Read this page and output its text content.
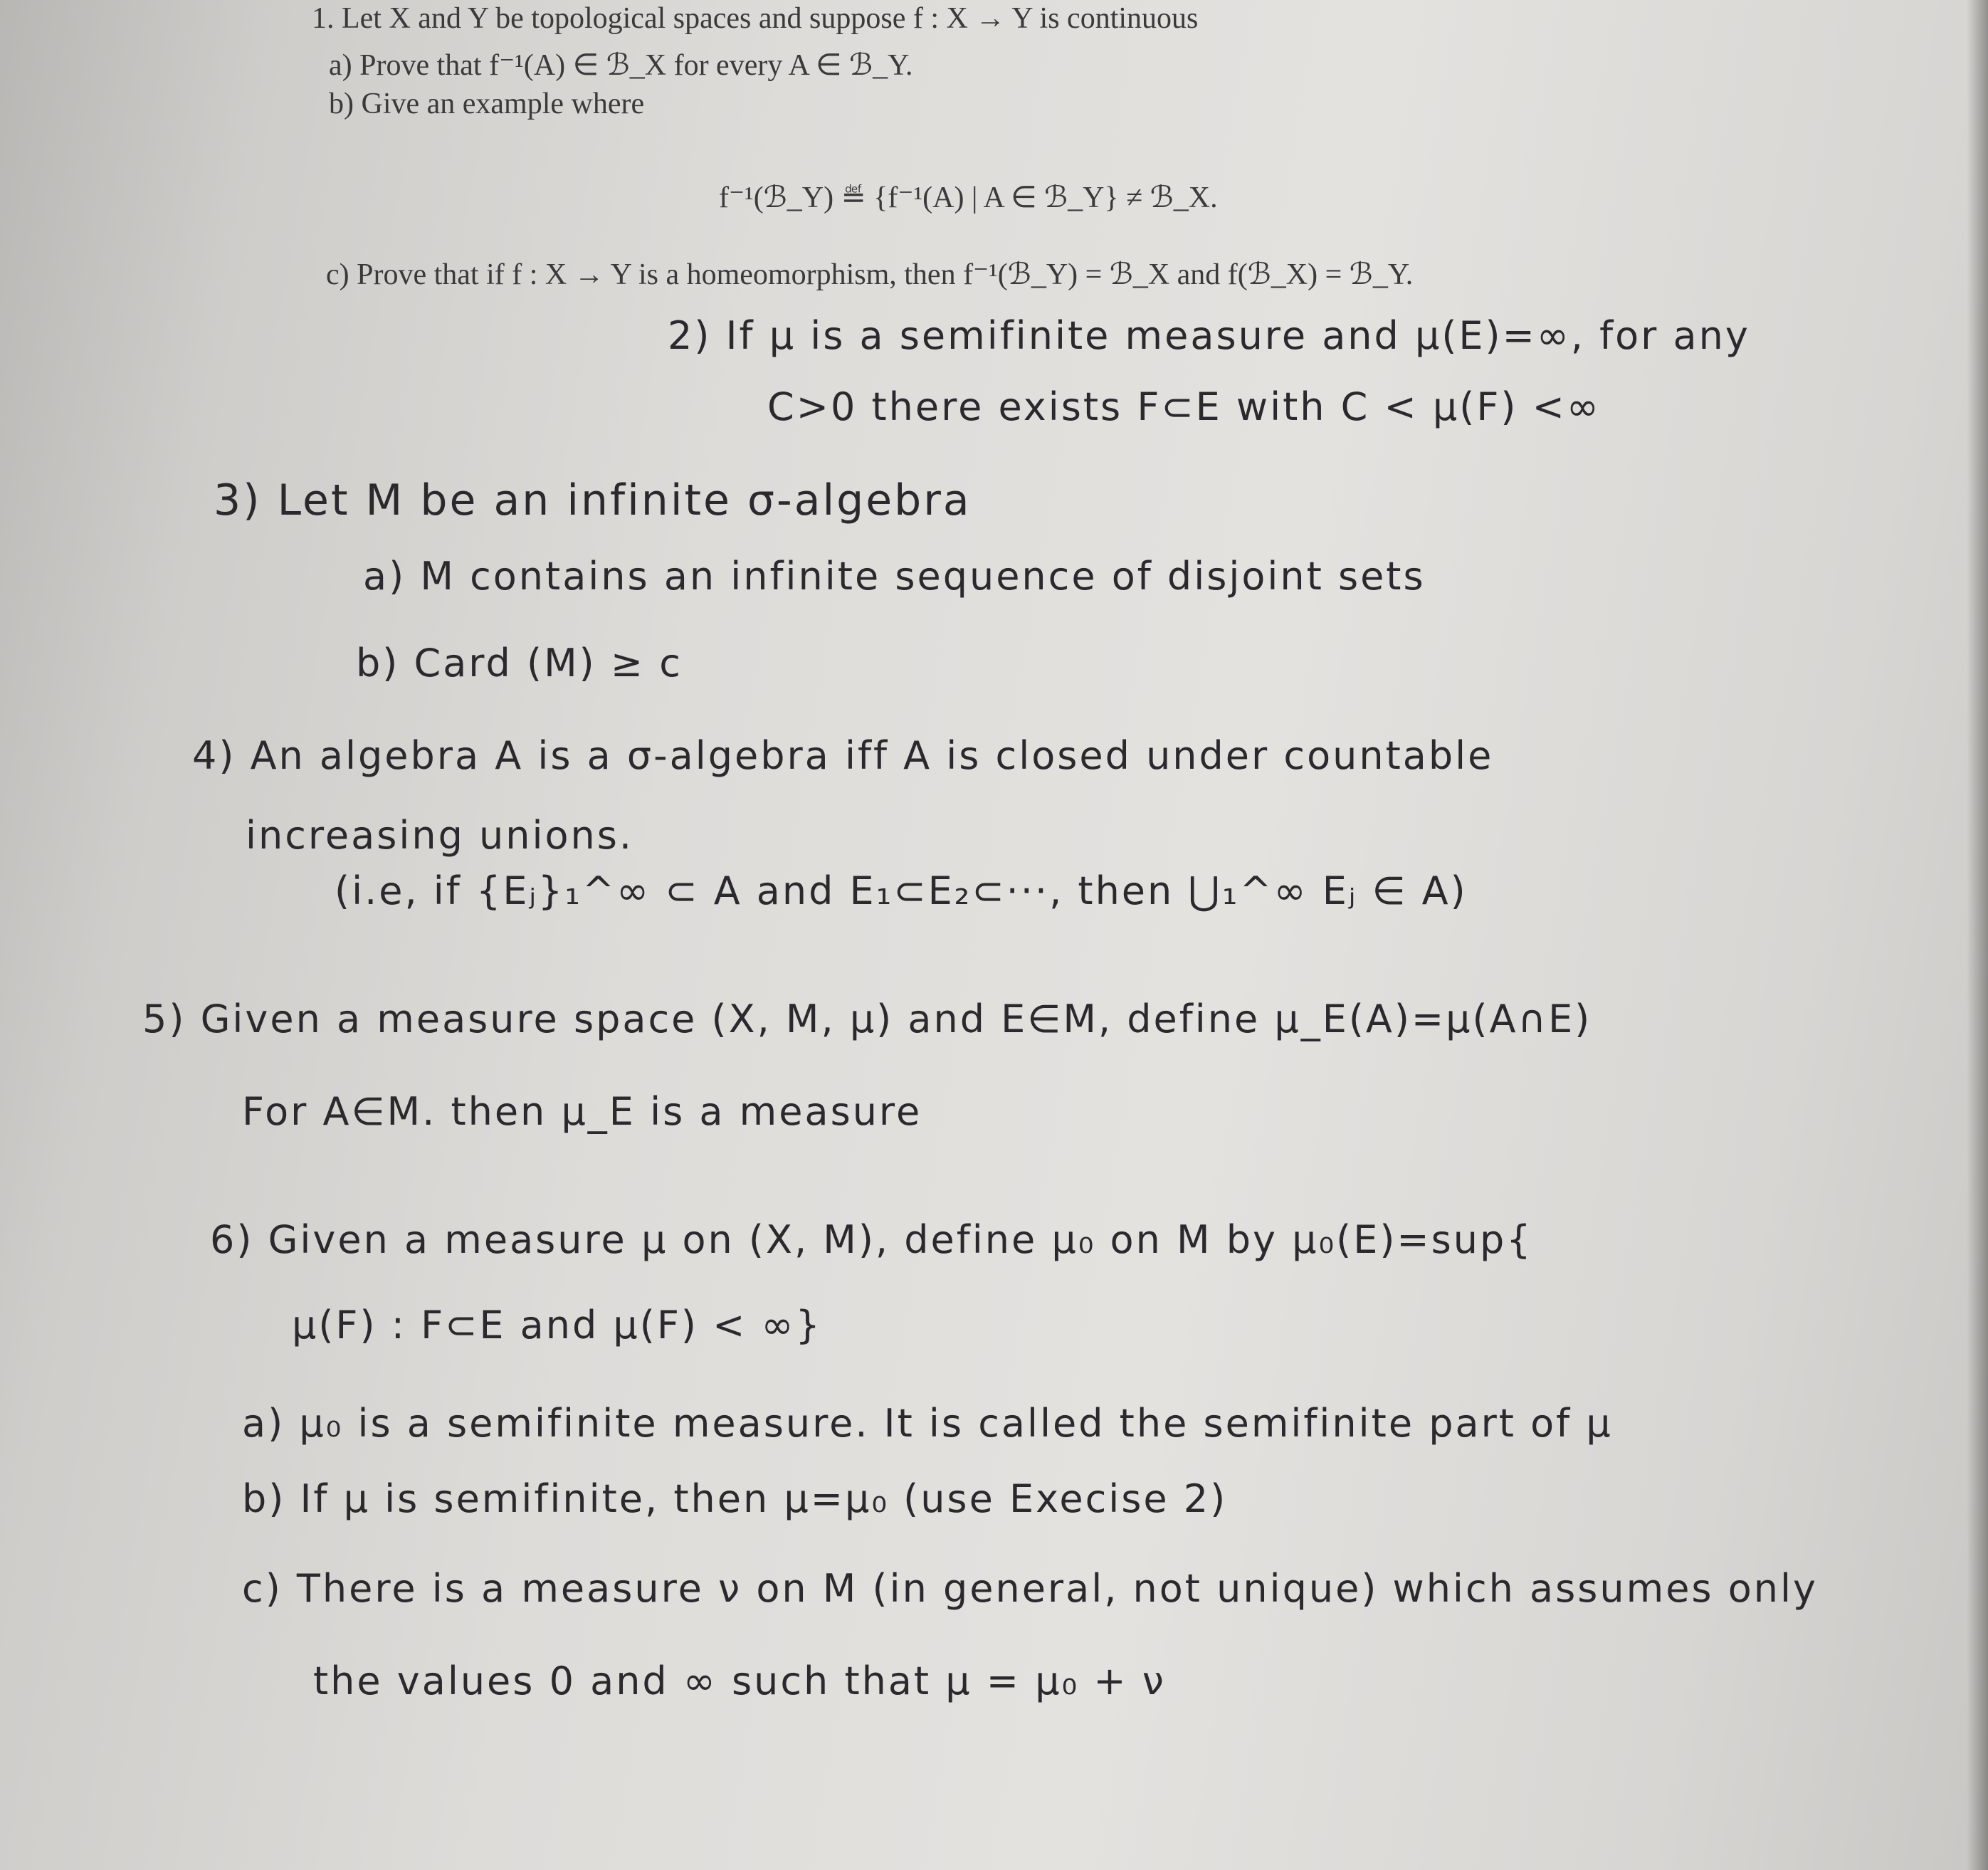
1. Let X and Y be topological spaces and suppose f : X → Y is continuous

a) Prove that f⁻¹(A) ∈ ℬ_X for every A ∈ ℬ_Y.

b) Give an example where

f⁻¹(ℬ_Y) ≝ {f⁻¹(A) | A ∈ ℬ_Y} ≠ ℬ_X.

c) Prove that if f : X → Y is a homeomorphism, then f⁻¹(ℬ_Y) = ℬ_X and f(ℬ_X) = ℬ_Y.

2) If μ is a semifinite measure and μ(E)=∞, for any

C>0 there exists F⊂E with C < μ(F) <∞

3) Let M be an infinite σ-algebra

a) M contains an infinite sequence of disjoint sets

b) Card (M) ≥ c

4) An algebra A is a σ-algebra iff A is closed under countable

increasing unions.

(i.e, if {Eⱼ}₁^∞ ⊂ A and E₁⊂E₂⊂···, then ⋃₁^∞ Eⱼ ∈ A)

5) Given a measure space (X, M, μ) and E∈M, define μ_E(A)=μ(A∩E)

For A∈M. then μ_E is a measure

6) Given a measure μ on (X, M), define μ₀ on M by μ₀(E)=sup{

μ(F) : F⊂E and μ(F) < ∞}

a) μ₀ is a semifinite measure. It is called the semifinite part of μ

b) If μ is semifinite, then μ=μ₀ (use Execise 2)

c) There is a measure ν on M (in general, not unique) which assumes only

the values 0 and ∞ such that μ = μ₀ + ν
